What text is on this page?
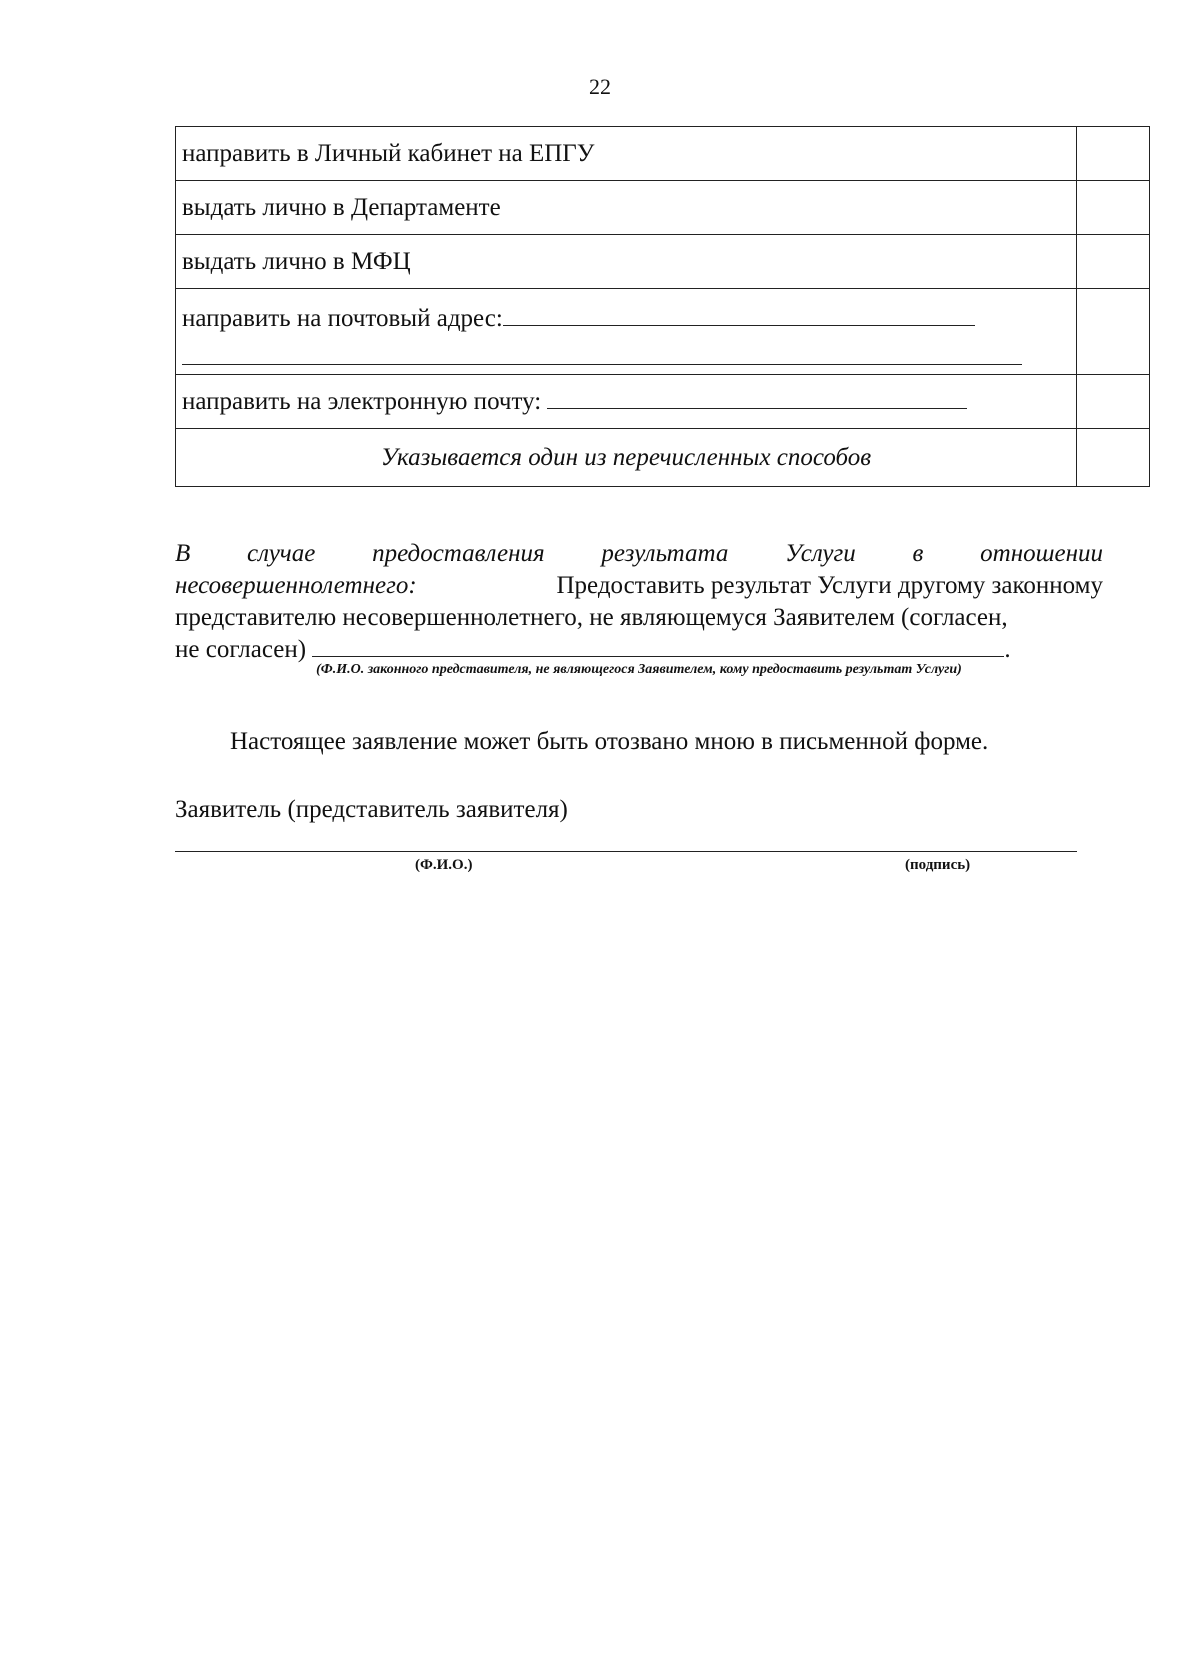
22
направить в Личный кабинет на ЕПГУ	
выдать лично в Департаменте	
выдать лично в МФЦ	

направить на почтовый адрес:	

направить на электронную почту:	
Указывается один из перечисленных способов	
В случае предоставления результата Услуги в отношении
несовершеннолетнего:	Предоставить результат Услуги другому законному
представителю несовершеннолетнего, не являющемуся Заявителем (согласен,
не согласен)	.
(Ф.И.О. законного представителя, не являющегося Заявителем, кому предоставить результат Услуги)
Настоящее заявление может быть отозвано мною в письменной форме.
Заявитель (представитель заявителя)
(Ф.И.О.)	(подпись)
